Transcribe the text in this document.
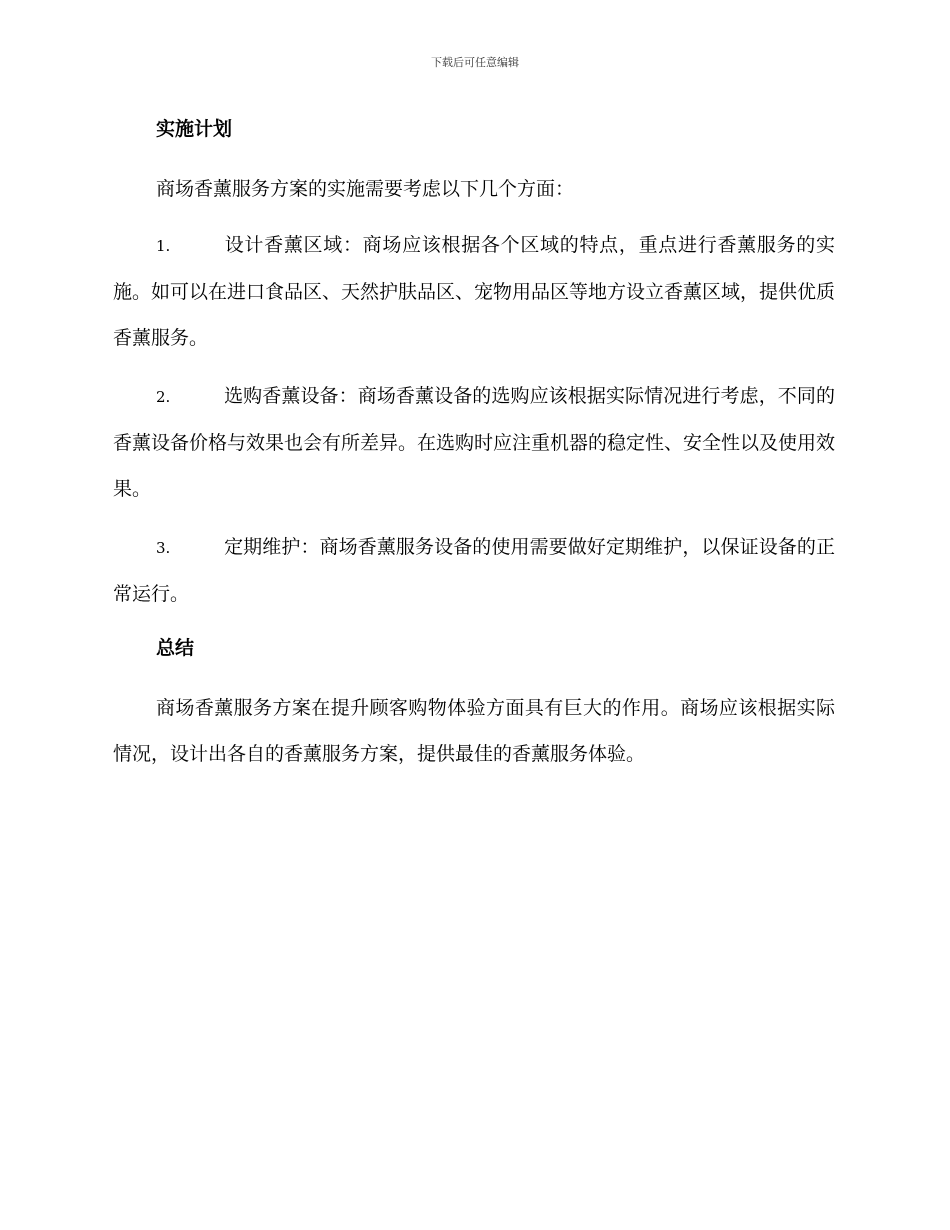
下载后可任意编辑
实施计划

商场香薰服务方案的实施需要考虑以下几个方面：

1.	设计香薰区域：商场应该根据各个区域的特点，重点进行香薰服务的实施。如可以在进口食品区、天然护肤品区、宠物用品区等地方设立香薰区域，提供优质香薰服务。

2.	选购香薰设备：商场香薰设备的选购应该根据实际情况进行考虑，不同的香薰设备价格与效果也会有所差异。在选购时应注重机器的稳定性、安全性以及使用效果。

3.	定期维护：商场香薰服务设备的使用需要做好定期维护，以保证设备的正常运行。

总结

商场香薰服务方案在提升顾客购物体验方面具有巨大的作用。商场应该根据实际情况，设计出各自的香薰服务方案，提供最佳的香薰服务体验。
